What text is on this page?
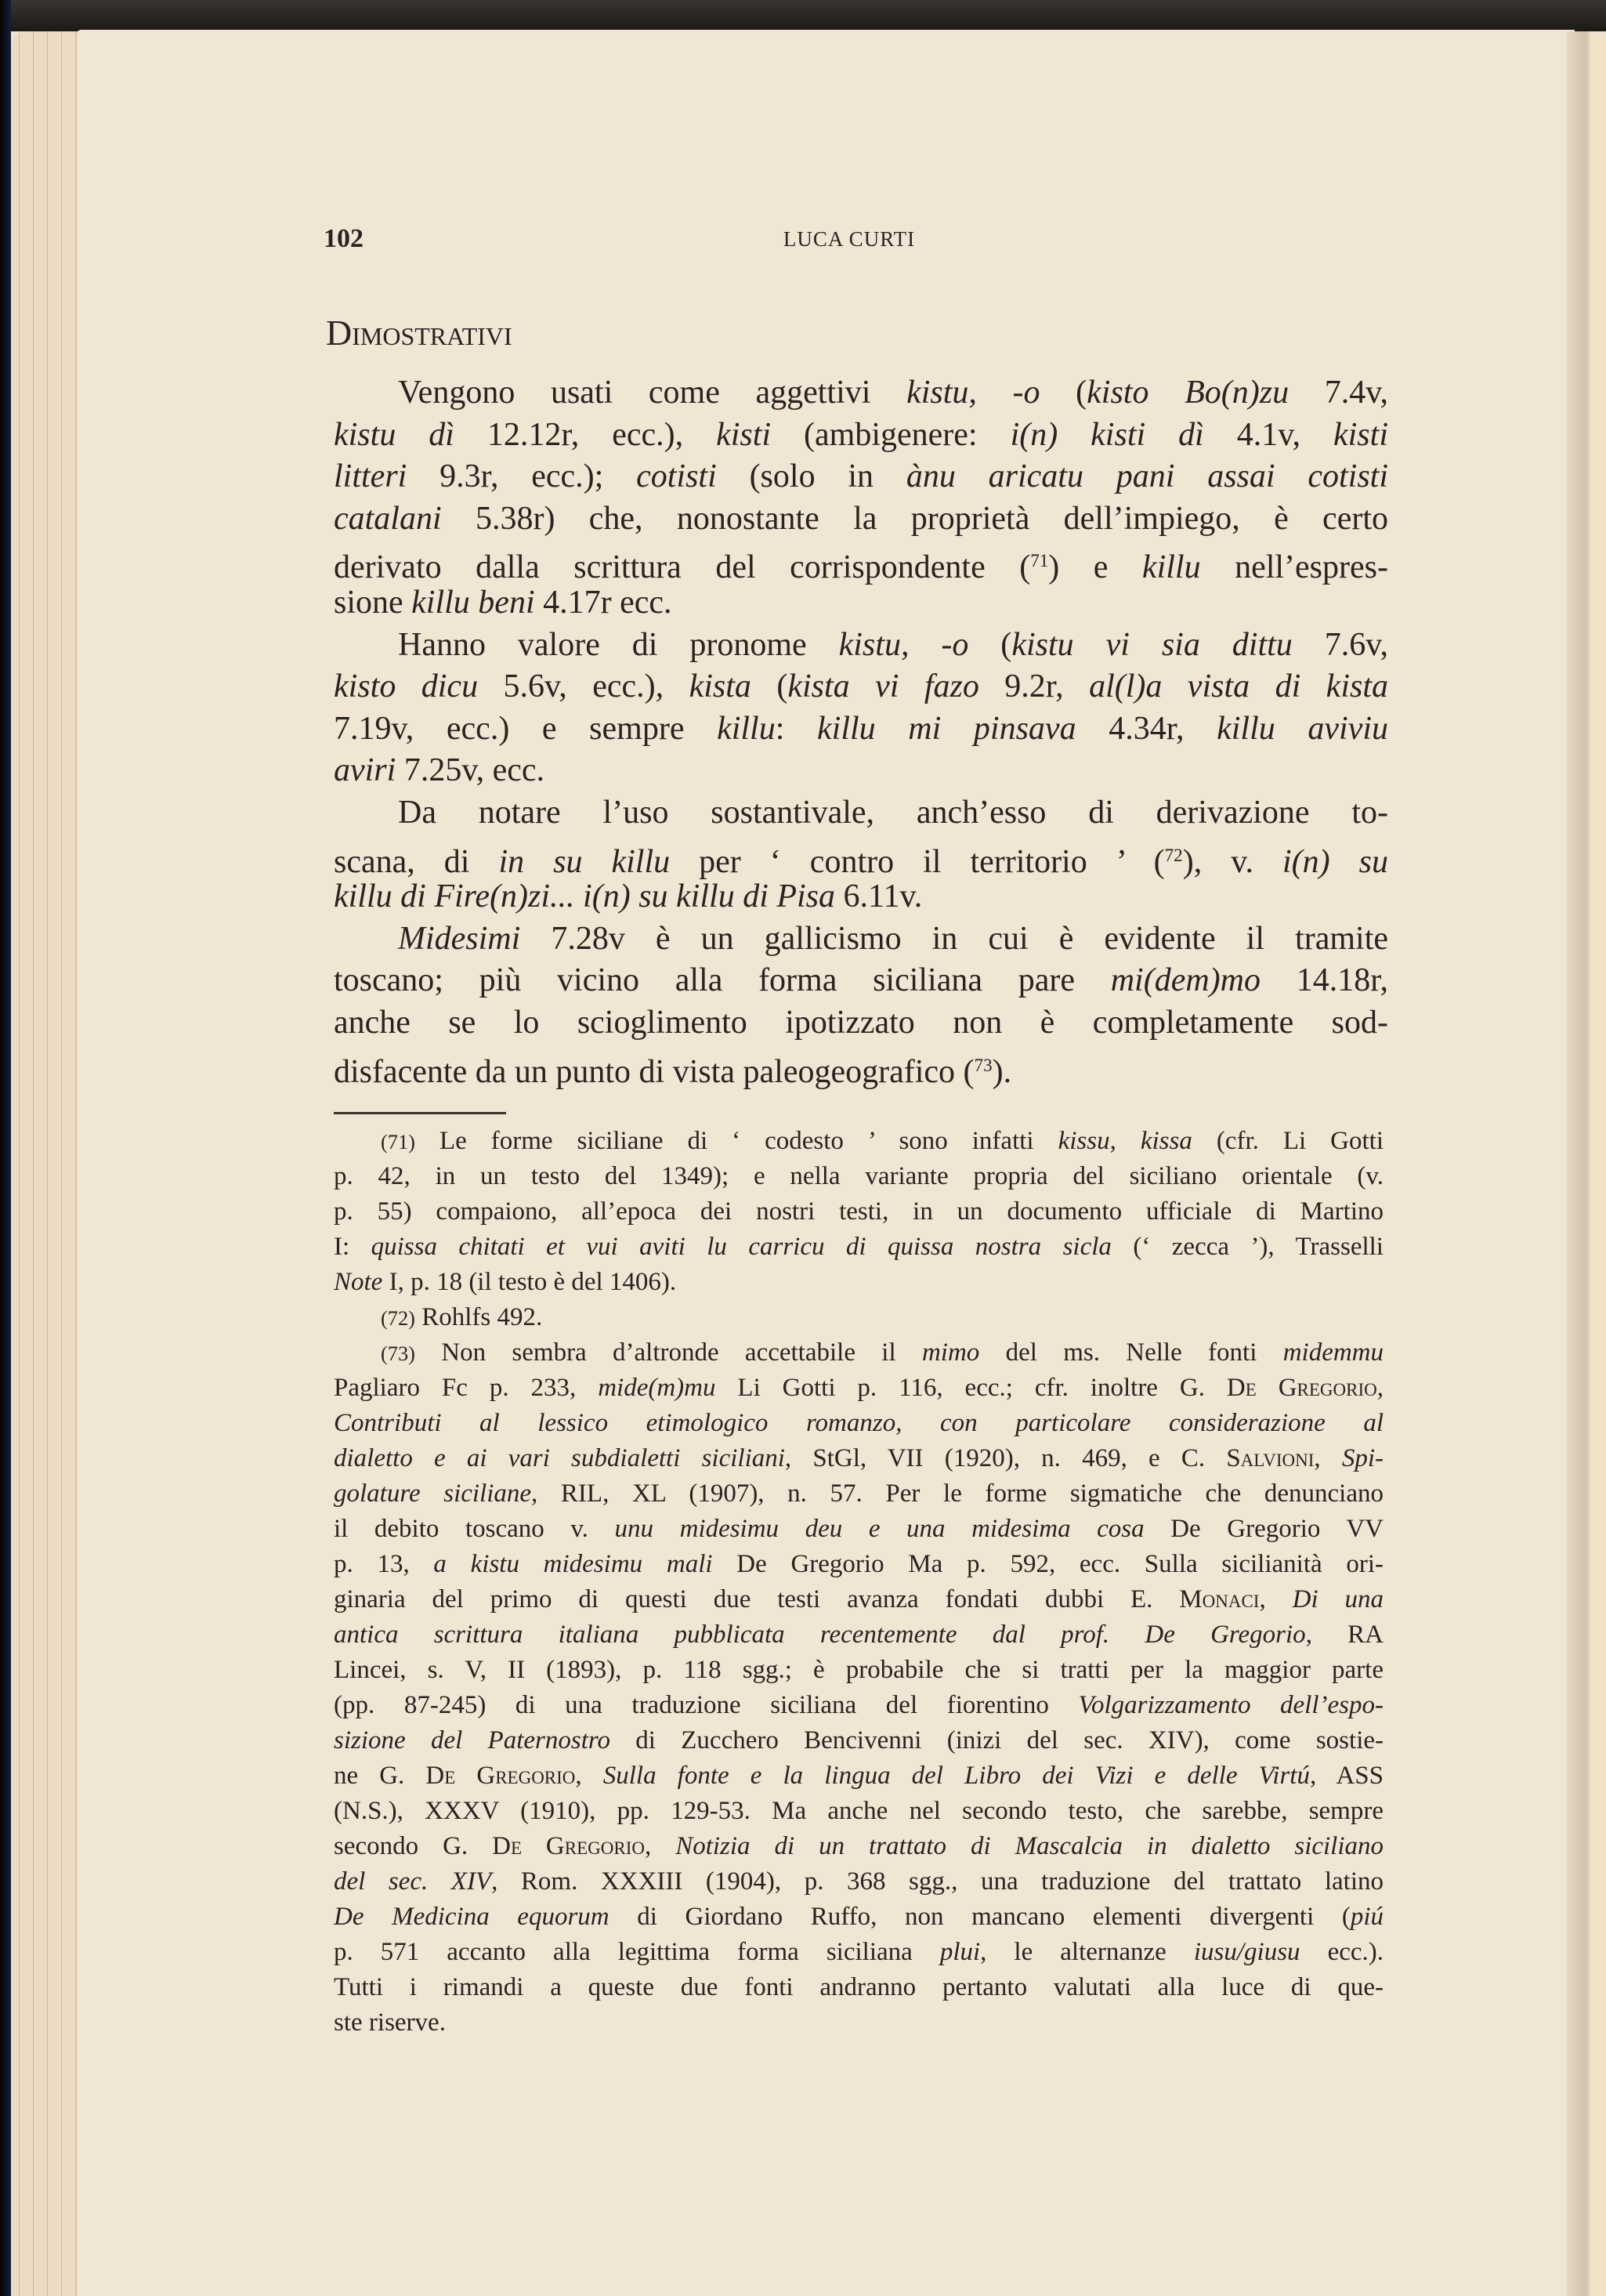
102	LUCA CURTI
Dimostrativi
Vengono usati come aggettivi kistu, -o (kisto Bo(n)zu 7.4v,
kistu dì 12.12r, ecc.), kisti (ambigenere: i(n) kisti dì 4.1v, kisti
litteri 9.3r, ecc.); cotisti (solo in ànu aricatu pani assai cotisti
catalani 5.38r) che, nonostante la proprietà dell’impiego, è certo
derivato dalla scrittura del corrispondente ($^{71}$) e killu nell’espres-
sione killu beni 4.17r ecc.
Hanno valore di pronome kistu, -o (kistu vi sia dittu 7.6v,
kisto dicu 5.6v, ecc.), kista (kista vi fazo 9.2r, al(l)a vista di kista
7.19v, ecc.) e sempre killu: killu mi pinsava 4.34r, killu aviviu
aviri 7.25v, ecc.
Da notare l’uso sostantivale, anch’esso di derivazione to-
scana, di in su killu per ‘ contro il territorio ’ ($^{72}$), v. i(n) su
killu di Fire(n)zi... i(n) su killu di Pisa 6.11v.
Midesimi 7.28v è un gallicismo in cui è evidente il tramite
toscano; più vicino alla forma siciliana pare mi(dem)mo 14.18r,
anche se lo scioglimento ipotizzato non è completamente sod-
disfacente da un punto di vista paleogeografico ($^{73}$).
(71) Le forme siciliane di ‘ codesto ’ sono infatti kissu, kissa (cfr. Li Gotti
p. 42, in un testo del 1349); e nella variante propria del siciliano orientale (v.
p. 55) compaiono, all’epoca dei nostri testi, in un documento ufficiale di Martino
I: quissa chitati et vui aviti lu carricu di quissa nostra sicla (‘ zecca ’), Trasselli
Note I, p. 18 (il testo è del 1406).
(72) Rohlfs 492.
(73) Non sembra d’altronde accettabile il mimo del ms. Nelle fonti midemmu
Pagliaro Fc p. 233, mide(m)mu Li Gotti p. 116, ecc.; cfr. inoltre G. De Gregorio,
Contributi al lessico etimologico romanzo, con particolare considerazione al
dialetto e ai vari subdialetti siciliani, StGl, VII (1920), n. 469, e C. Salvioni, Spi-
golature siciliane, RIL, XL (1907), n. 57. Per le forme sigmatiche che denunciano
il debito toscano v. unu midesimu deu e una midesima cosa De Gregorio VV
p. 13, a kistu midesimu mali De Gregorio Ma p. 592, ecc. Sulla sicilianità ori-
ginaria del primo di questi due testi avanza fondati dubbi E. Monaci, Di una
antica scrittura italiana pubblicata recentemente dal prof. De Gregorio, RA
Lincei, s. V, II (1893), p. 118 sgg.; è probabile che si tratti per la maggior parte
(pp. 87-245) di una traduzione siciliana del fiorentino Volgarizzamento dell’espo-
sizione del Paternostro di Zucchero Bencivenni (inizi del sec. XIV), come sostie-
ne G. De Gregorio, Sulla fonte e la lingua del Libro dei Vizi e delle Virtú, ASS
(N.S.), XXXV (1910), pp. 129-53. Ma anche nel secondo testo, che sarebbe, sempre
secondo G. De Gregorio, Notizia di un trattato di Mascalcia in dialetto siciliano
del sec. XIV, Rom. XXXIII (1904), p. 368 sgg., una traduzione del trattato latino
De Medicina equorum di Giordano Ruffo, non mancano elementi divergenti (piú
p. 571 accanto alla legittima forma siciliana plui, le alternanze iusu/giusu ecc.).
Tutti i rimandi a queste due fonti andranno pertanto valutati alla luce di que-
ste riserve.
